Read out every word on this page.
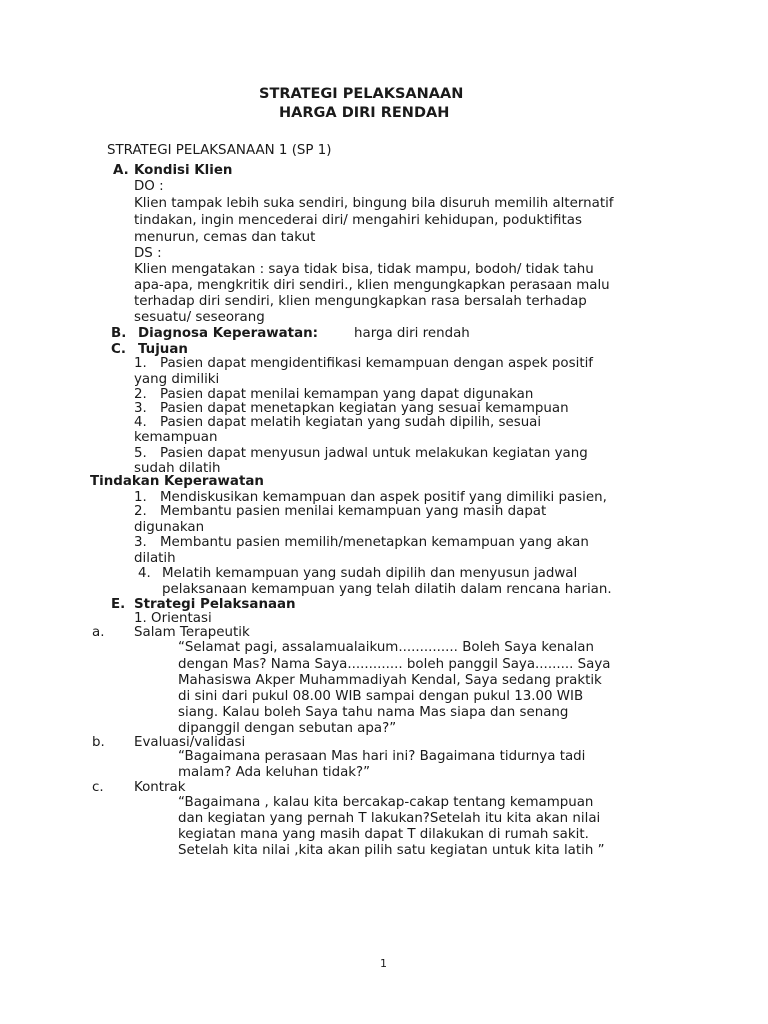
STRATEGI PELAKSANAAN
HARGA DIRI RENDAH
STRATEGI PELAKSANAAN 1 (SP 1)
A. Kondisi Klien
DO :
Klien tampak lebih suka sendiri, bingung bila disuruh memilih alternatif
tindakan, ingin mencederai diri/ mengahiri kehidupan, poduktifitas
menurun, cemas dan takut
DS :
Klien mengatakan : saya tidak bisa, tidak mampu, bodoh/ tidak tahu
apa-apa, mengkritik diri sendiri., klien mengungkapkan perasaan malu
terhadap diri sendiri, klien mengungkapkan rasa bersalah terhadap
sesuatu/ seseorang
B. Diagnosa Keperawatan:	harga diri rendah
C. Tujuan
1. Pasien dapat mengidentifikasi kemampuan dengan aspek positif
yang dimiliki
2. Pasien dapat menilai kemampan yang dapat digunakan
3. Pasien dapat menetapkan kegiatan yang sesuai kemampuan
4. Pasien dapat melatih kegiatan yang sudah dipilih, sesuai
kemampuan
5. Pasien dapat menyusun jadwal untuk melakukan kegiatan yang
sudah dilatih
Tindakan Keperawatan
1. Mendiskusikan kemampuan dan aspek positif yang dimiliki pasien,
2. Membantu pasien menilai kemampuan yang masih dapat
digunakan
3. Membantu pasien memilih/menetapkan kemampuan yang akan
dilatih
4. Melatih kemampuan yang sudah dipilih dan menyusun jadwal
pelaksanaan kemampuan yang telah dilatih dalam rencana harian.
E. Strategi Pelaksanaan
1. Orientasi
a. Salam Terapeutik
“Selamat pagi, assalamualaikum.............. Boleh Saya kenalan
dengan Mas? Nama Saya............. boleh panggil Saya......... Saya
Mahasiswa Akper Muhammadiyah Kendal, Saya sedang praktik
di sini dari pukul 08.00 WIB sampai dengan pukul 13.00 WIB
siang. Kalau boleh Saya tahu nama Mas siapa dan senang
dipanggil dengan sebutan apa?”
b. Evaluasi/validasi
“Bagaimana perasaan Mas hari ini? Bagaimana tidurnya tadi
malam? Ada keluhan tidak?”
c. Kontrak
“Bagaimana , kalau kita bercakap-cakap tentang kemampuan
dan kegiatan yang pernah T lakukan?Setelah itu kita akan nilai
kegiatan mana yang masih dapat T dilakukan di rumah sakit.
Setelah kita nilai ,kita akan pilih satu kegiatan untuk kita latih ”
1
